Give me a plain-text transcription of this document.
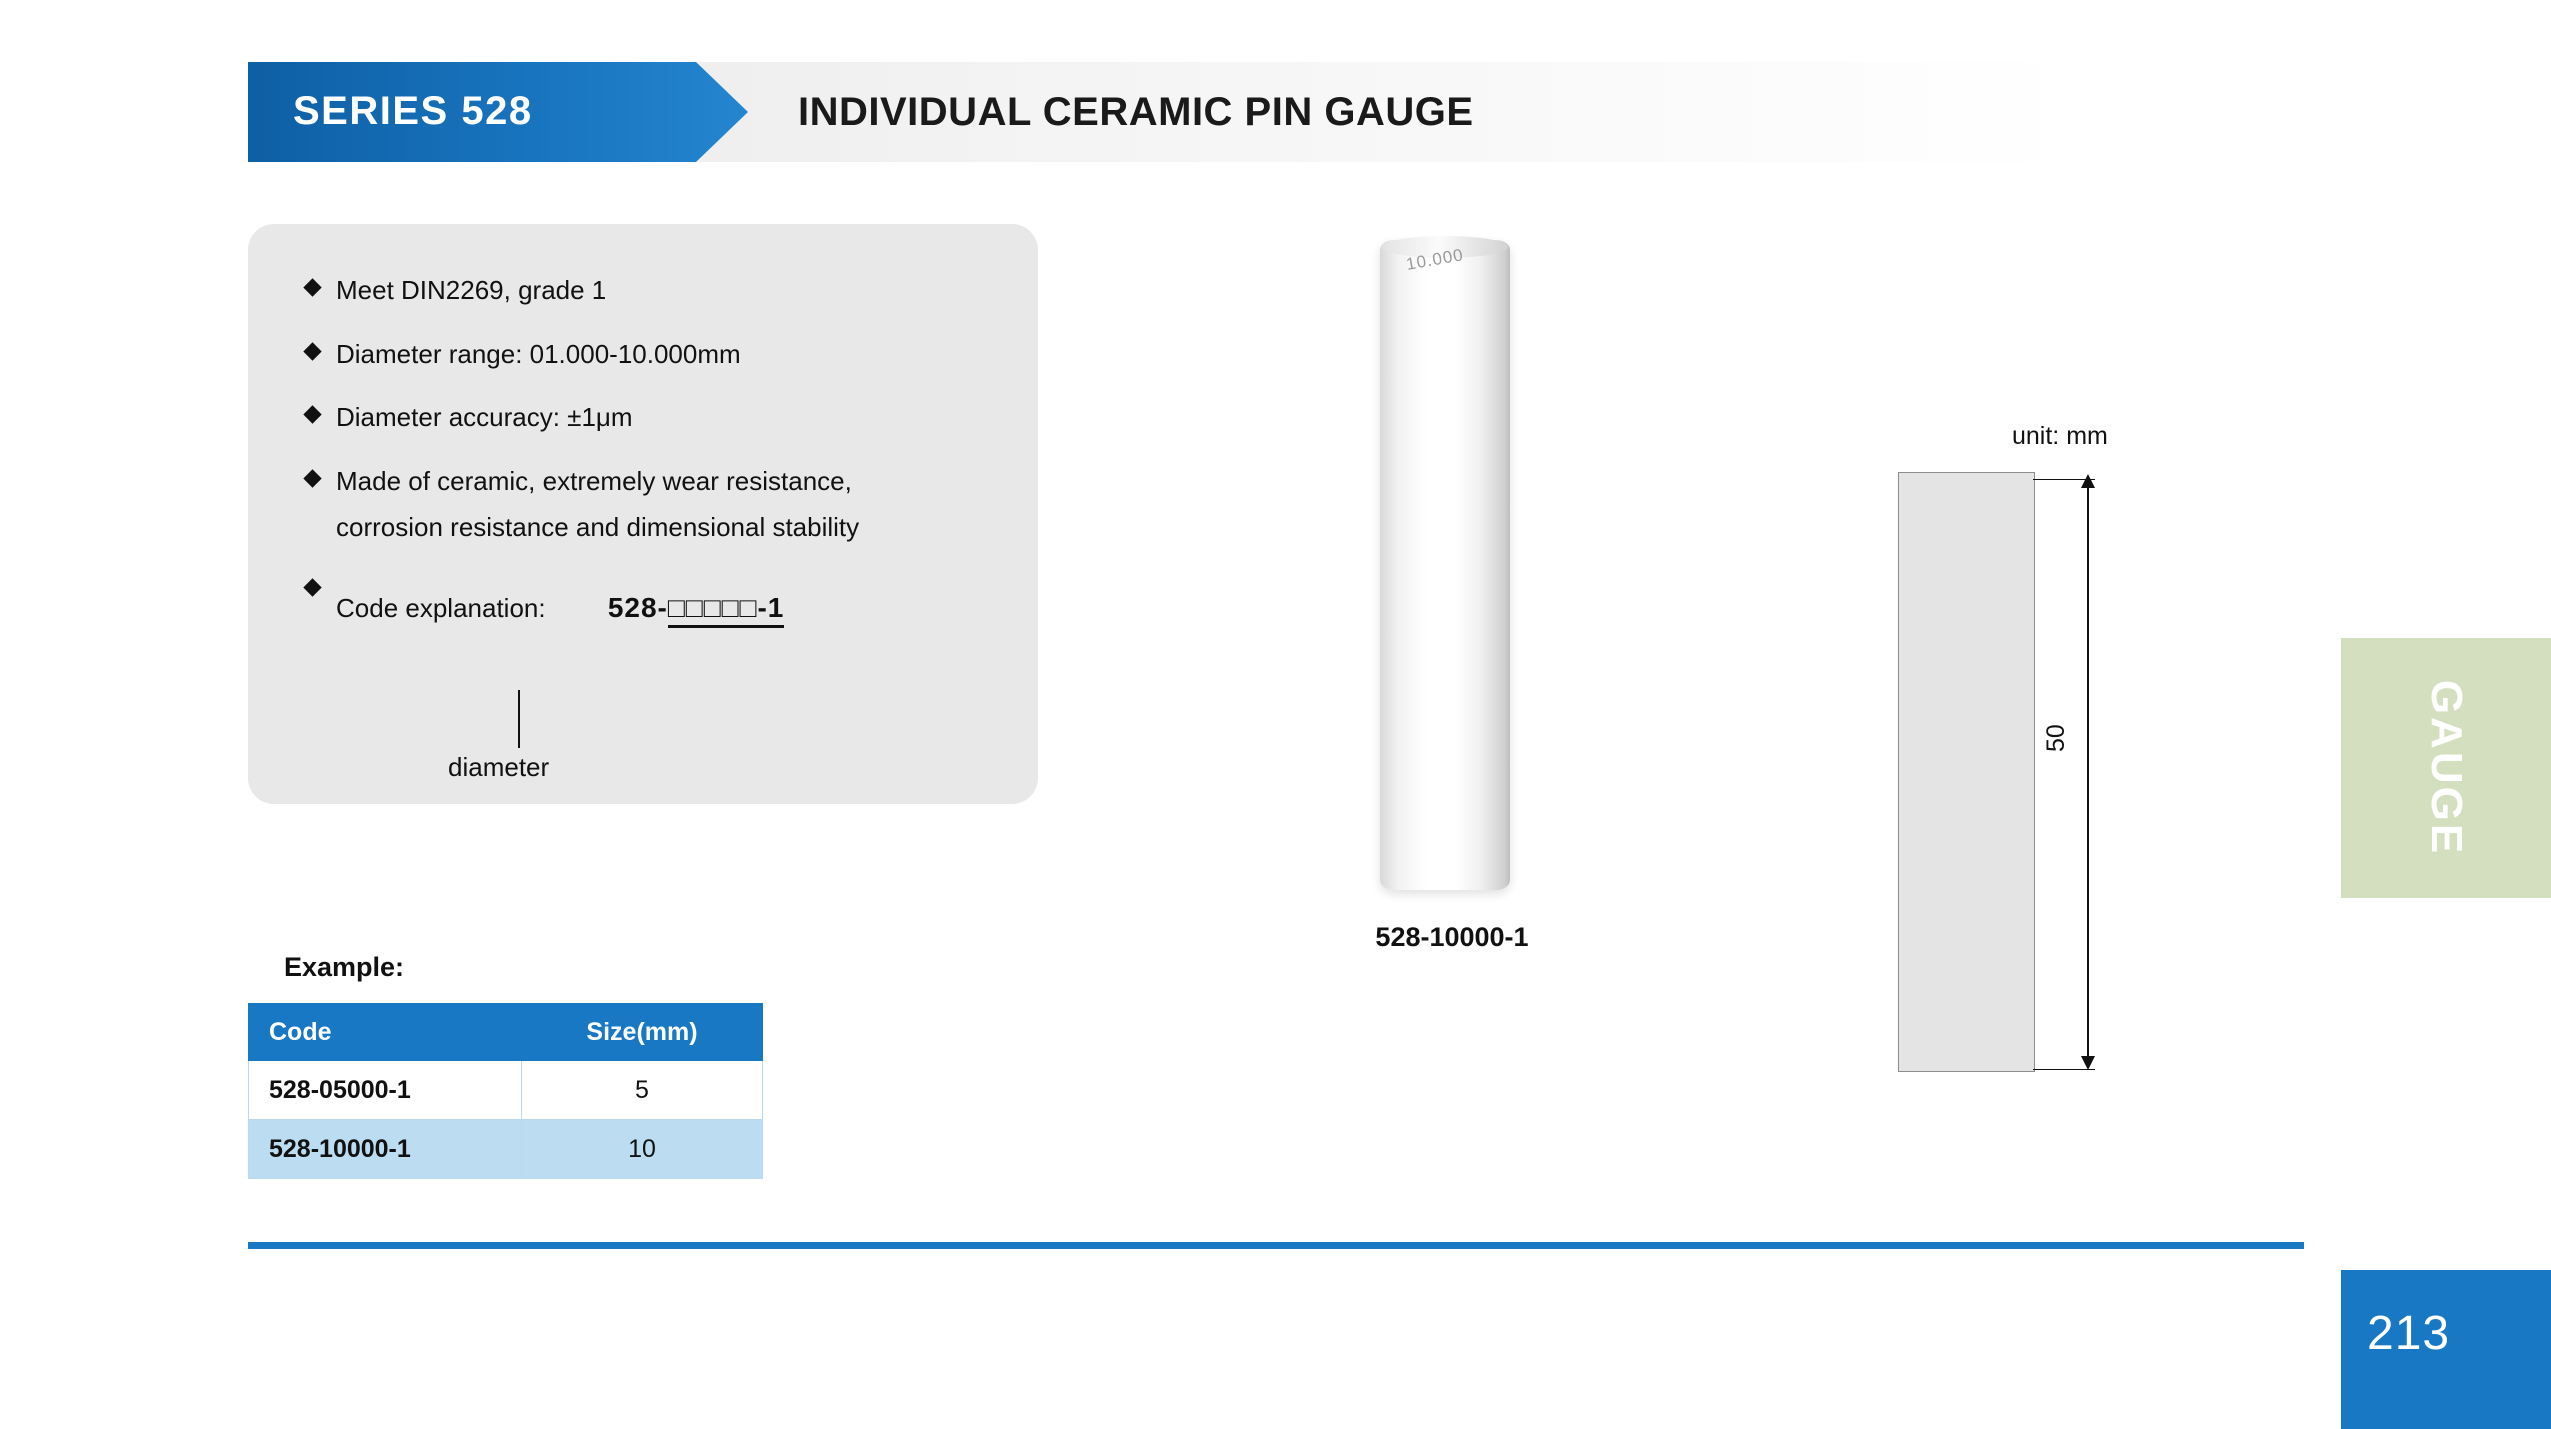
SERIES 528	INDIVIDUAL CERAMIC PIN GAUGE
Meet DIN2269, grade 1
Diameter range: 01.000-10.000mm
Diameter accuracy: ±1μm
Made of ceramic, extremely wear resistance,
corrosion resistance and dimensional stability
Code explanation: 528-□□□□□-1
diameter
Example:
Code	Size(mm)
528-05000-1	5
528-10000-1	10
10.000
528-10000-1
unit: mm
50	GAUGE
213
